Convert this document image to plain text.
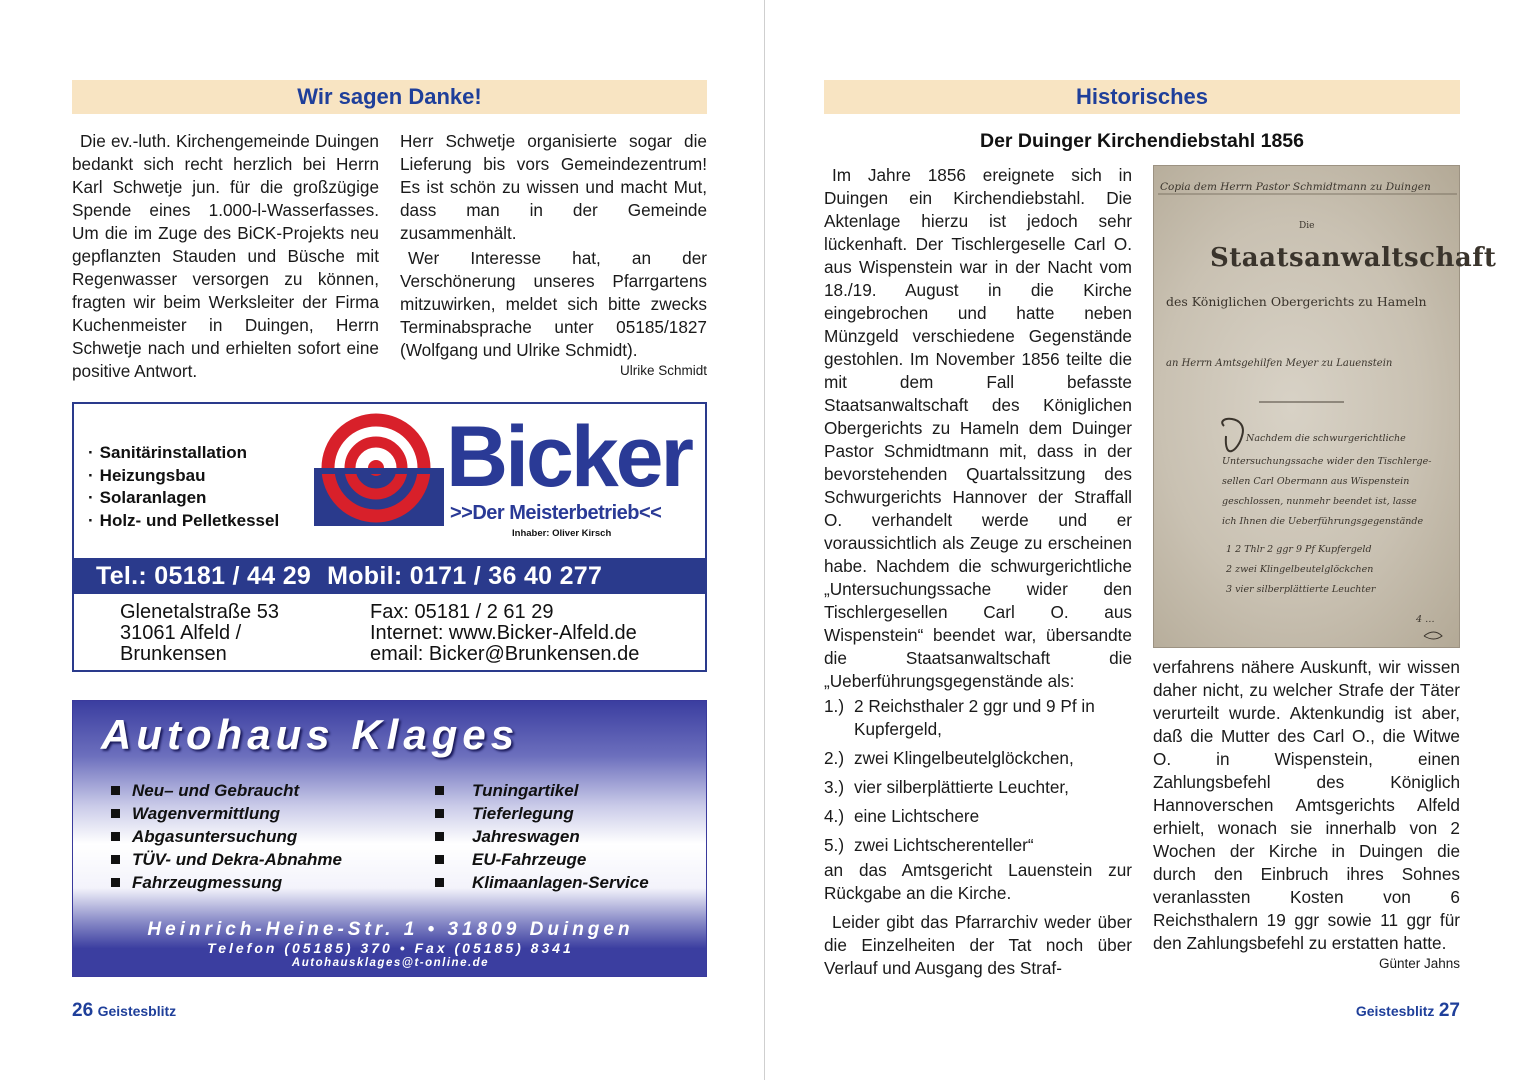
Wir sagen Danke!

Die ev.-luth. Kirchengemeinde Duingen bedankt sich recht herzlich bei Herrn Karl Schwetje jun. für die großzügige Spende eines 1.000-l-Wasserfasses. Um die im Zuge des BiCK-Projekts neu gepflanzten Stauden und Büsche mit Regenwasser versorgen zu können, fragten wir beim Werksleiter der Firma Kuchenmeister in Duingen, Herrn Schwetje nach und erhielten sofort eine positive Antwort.

Herr Schwetje organisierte sogar die Lieferung bis vors Gemeindezentrum! Es ist schön zu wissen und macht Mut, dass man in der Gemeinde zusammenhält.

Wer Interesse hat, an der Verschönerung unseres Pfarrgartens mitzuwirken, meldet sich bitte zwecks Terminabsprache unter 05185/1827 (Wolfgang und Ulrike Schmidt).

Ulrike Schmidt
· Sanitärinstallation
· Heizungsbau
· Solaranlagen
· Holz- und Pelletkessel
Bicker
>>Der Meisterbetrieb<<
Inhaber: Oliver Kirsch
Tel.: 05181 / 44 29 Mobil: 0171 / 36 40 277
Glenetalstraße 53
31061 Alfeld /
Brunkensen
Fax: 05181 / 2 61 29
Internet: www.Bicker-Alfeld.de
email: Bicker@Brunkensen.de
Autohaus Klages
Neu– und Gebraucht
Wagenvermittlung
Abgasuntersuchung
TÜV- und Dekra-Abnahme
Fahrzeugmessung
Tuningartikel
Tieferlegung
Jahreswagen
EU-Fahrzeuge
Klimaanlagen-Service
Heinrich-Heine-Str. 1 • 31809 Duingen
Telefon (05185) 370 • Fax (05185) 8341
Autohausklages@t-online.de
26 Geistesblitz
Historisches
Der Duinger Kirchendiebstahl 1856

Im Jahre 1856 ereignete sich in Duingen ein Kirchendiebstahl. Die Aktenlage hierzu ist jedoch sehr lückenhaft. Der Tischlergeselle Carl O. aus Wispenstein war in der Nacht vom 18./19. August in die Kirche eingebrochen und hatte neben Münzgeld verschiedene Gegenstände gestohlen. Im November 1856 teilte die mit dem Fall befasste Staatsanwaltschaft des Königlichen Obergerichts zu Hameln dem Duinger Pastor Schmidtmann mit, dass in der bevorstehenden Quartalssitzung des Schwurgerichts Hannover der Straffall O. verhandelt werde und er voraussichtlich als Zeuge zu erscheinen habe. Nachdem die schwurgerichtliche „Untersuchungssache wider den Tischlergesellen Carl O. aus Wispenstein“ beendet war, übersandte die Staatsanwaltschaft die „Ueberführungsgegenstände als:

1.) 2 Reichsthaler 2 ggr und 9 Pf in Kupfergeld,
2.) zwei Klingelbeutelglöckchen,
3.) vier silberplättierte Leuchter,
4.) eine Lichtschere
5.) zwei Lichtscherenteller“

an das Amtsgericht Lauenstein zur Rückgabe an die Kirche.

Leider gibt das Pfarrarchiv weder über die Einzelheiten der Tat noch über Verlauf und Ausgang des Straf-

Copia dem Herrn Pastor Schmidtmann zu Duingen
Die
Staatsanwaltschaft
des Königlichen Obergerichts zu Hameln
an Herrn Amtsgehilfen Meyer zu Lauenstein
Nachdem die schwurgerichtliche
Untersuchungssache wider den Tischlerge-
sellen Carl Obermann aus Wispenstein
geschlossen, nunmehr beendet ist, lasse
ich Ihnen die Ueberführungsgegenstände
1 2 Thlr 2 ggr 9 Pf Kupfergeld
2 zwei Klingelbeutelglöckchen
3 vier silberplättierte Leuchter
4 …

verfahrens nähere Auskunft, wir wissen daher nicht, zu welcher Strafe der Täter verurteilt wurde. Aktenkundig ist aber, daß die Mutter des Carl O., die Witwe O. in Wispenstein, einen Zahlungsbefehl des Königlich Hannoverschen Amtsgerichts Alfeld erhielt, wonach sie innerhalb von 2 Wochen der Kirche in Duingen die durch den Einbruch ihres Sohnes veranlassten Kosten von 6 Reichsthalern 19 ggr sowie 11 ggr für den Zahlungsbefehl zu erstatten hatte.

Günter Jahns
Geistesblitz 27
